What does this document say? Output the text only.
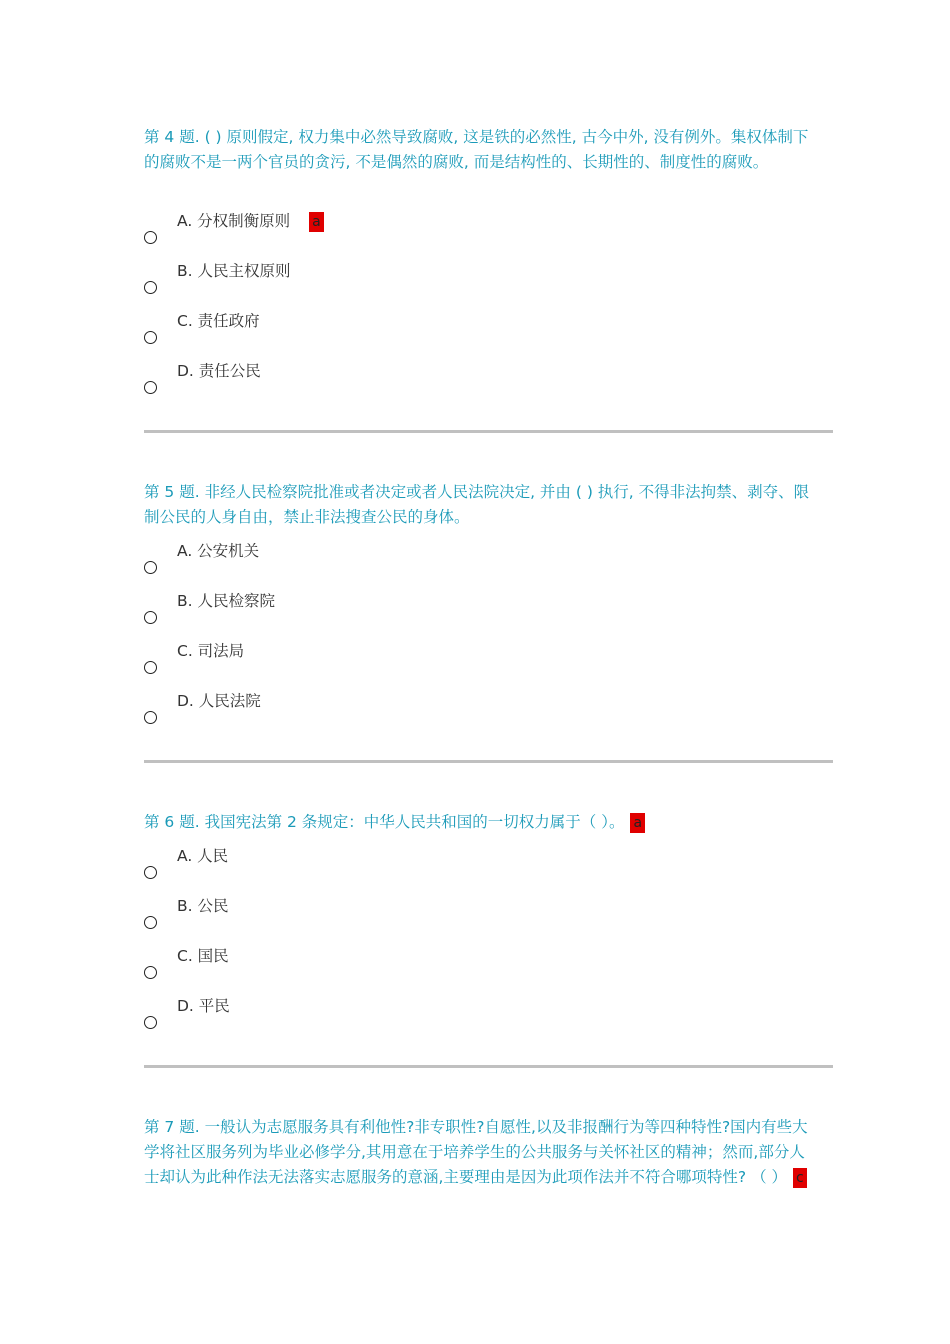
第 4 题. ( ) 原则假定, 权力集中必然导致腐败, 这是铁的必然性, 古今中外, 没有例外。集权体制下的腐败不是一两个官员的贪污, 不是偶然的腐败, 而是结构性的、长期性的、制度性的腐败。

A. 分权制衡原则 a
B. 人民主权原则
C. 责任政府
D. 责任公民

第 5 题. 非经人民检察院批准或者决定或者人民法院决定, 并由 ( ) 执行, 不得非法拘禁、剥夺、限制公民的人身自由，禁止非法搜查公民的身体。

A. 公安机关
B. 人民检察院
C. 司法局
D. 人民法院

第 6 题. 我国宪法第 2 条规定：中华人民共和国的一切权力属于（ ）。 a

A. 人民
B. 公民
C. 国民
D. 平民

第 7 题. 一般认为志愿服务具有利他性?非专职性?自愿性,以及非报酬行为等四种特性?国内有些大学将社区服务列为毕业必修学分,其用意在于培养学生的公共服务与关怀社区的精神；然而,部分人士却认为此种作法无法落实志愿服务的意涵,主要理由是因为此项作法并不符合哪项特性? （ ） c
